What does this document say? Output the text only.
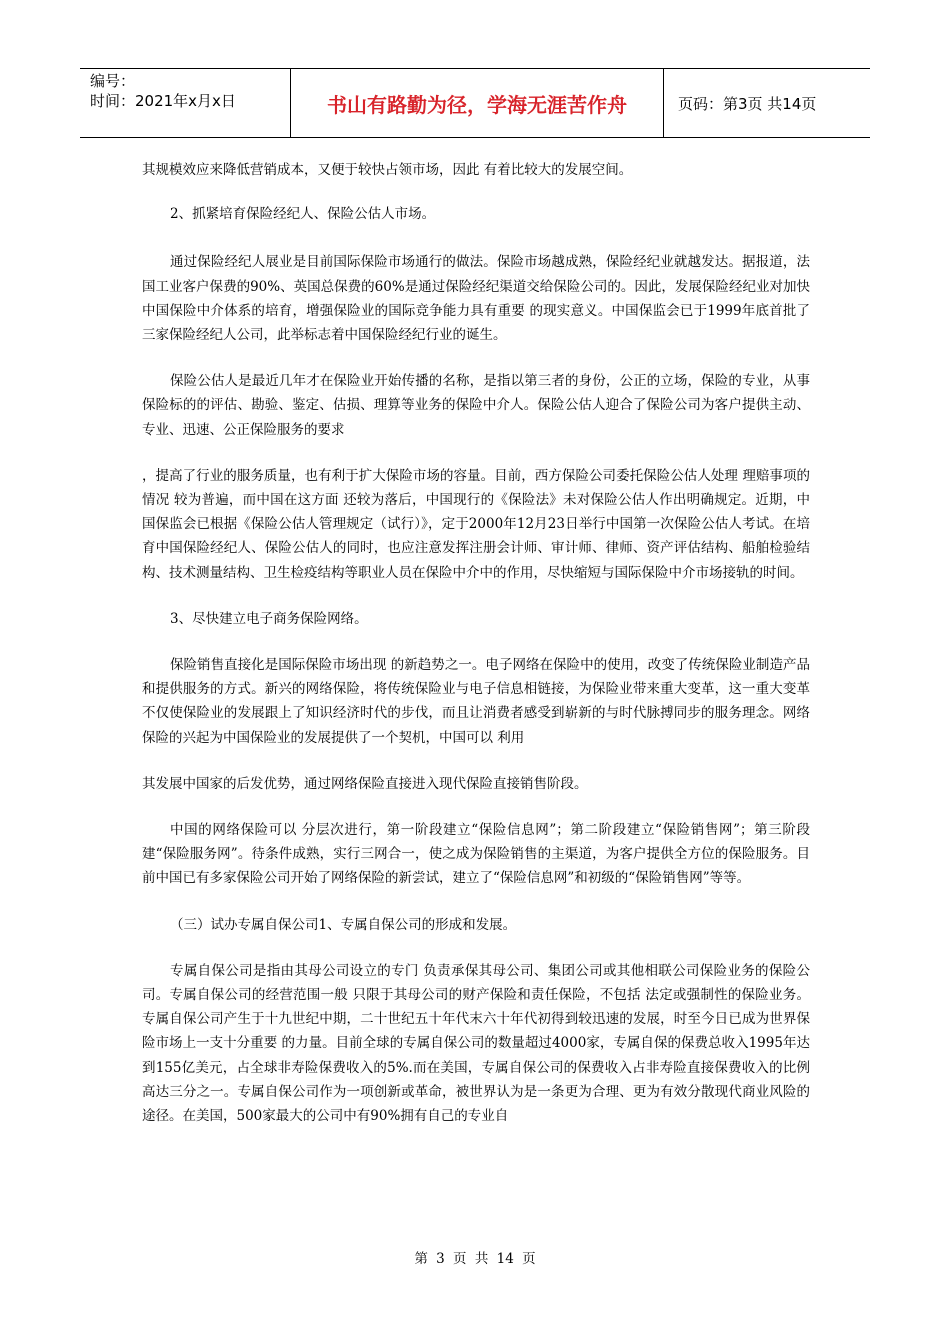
编号：
时间：2021年x月x日	书山有路勤为径，学海无涯苦作舟	页码：第3页 共14页

其规模效应来降低营销成本，又便于较快占领市场，因此 有着比较大的发展空间。

2、抓紧培育保险经纪人、保险公估人市场。

通过保险经纪人展业是目前国际保险市场通行的做法。保险市场越成熟，保险经纪业就越发达。据报道，法国工业客户保费的90%、英国总保费的60%是通过保险经纪渠道交给保险公司的。因此，发展保险经纪业对加快中国保险中介体系的培育，增强保险业的国际竞争能力具有重要 的现实意义。中国保监会已于1999年底首批了三家保险经纪人公司，此举标志着中国保险经纪行业的诞生。

保险公估人是最近几年才在保险业开始传播的名称，是指以第三者的身份，公正的立场，保险的专业，从事保险标的的评估、勘验、鉴定、估损、理算等业务的保险中介人。保险公估人迎合了保险公司为客户提供主动、专业、迅速、公正保险服务的要求

，提高了行业的服务质量，也有利于扩大保险市场的容量。目前，西方保险公司委托保险公估人处理 理赔事项的情况 较为普遍，而中国在这方面 还较为落后，中国现行的《保险法》未对保险公估人作出明确规定。近期，中国保监会已根据《保险公估人管理规定（试行）》，定于2000年12月23日举行中国第一次保险公估人考试。在培育中国保险经纪人、保险公估人的同时，也应注意发挥注册会计师、审计师、律师、资产评估结构、船舶检验结构、技术测量结构、卫生检疫结构等职业人员在保险中介中的作用，尽快缩短与国际保险中介市场接轨的时间。

3、尽快建立电子商务保险网络。

保险销售直接化是国际保险市场出现 的新趋势之一。电子网络在保险中的使用，改变了传统保险业制造产品和提供服务的方式。新兴的网络保险，将传统保险业与电子信息相链接，为保险业带来重大变革，这一重大变革不仅使保险业的发展跟上了知识经济时代的步伐，而且让消费者感受到崭新的与时代脉搏同步的服务理念。网络保险的兴起为中国保险业的发展提供了一个契机，中国可以 利用

其发展中国家的后发优势，通过网络保险直接进入现代保险直接销售阶段。

中国的网络保险可以 分层次进行，第一阶段建立“保险信息网”；第二阶段建立“保险销售网”；第三阶段建“保险服务网”。待条件成熟，实行三网合一，使之成为保险销售的主渠道，为客户提供全方位的保险服务。目前中国已有多家保险公司开始了网络保险的新尝试，建立了“保险信息网”和初级的“保险销售网”等等。

（三）试办专属自保公司1、专属自保公司的形成和发展。

专属自保公司是指由其母公司设立的专门 负责承保其母公司、集团公司或其他相联公司保险业务的保险公司。专属自保公司的经营范围一般 只限于其母公司的财产保险和责任保险，不包括 法定或强制性的保险业务。专属自保公司产生于十九世纪中期，二十世纪五十年代末六十年代初得到较迅速的发展，时至今日已成为世界保险市场上一支十分重要 的力量。目前全球的专属自保公司的数量超过4000家，专属自保的保费总收入1995年达到155亿美元，占全球非寿险保费收入的5%.而在美国，专属自保公司的保费收入占非寿险直接保费收入的比例高达三分之一。专属自保公司作为一项创新或革命，被世界认为是一条更为合理、更为有效分散现代商业风险的途径。在美国，500家最大的公司中有90%拥有自己的专业自

第 3 页 共 14 页
